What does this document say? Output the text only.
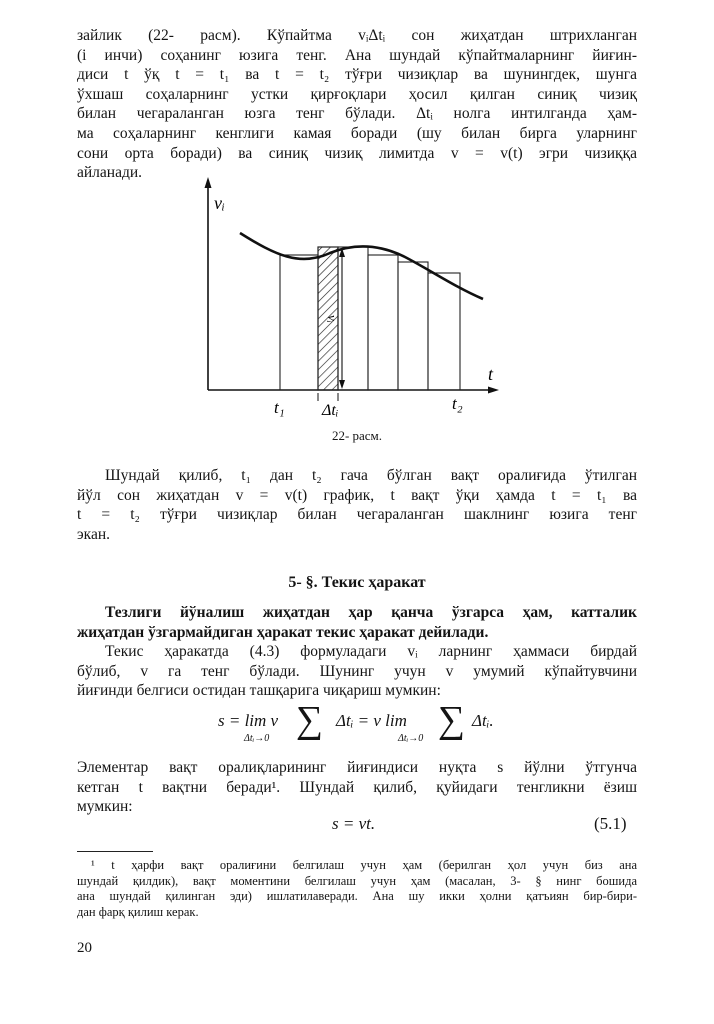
зайлик (22- расм). Кўпайтма vᵢΔtᵢ сон жиҳатдан штрихланган
(i инчи) соҳанинг юзига тенг. Ана шундай кўпайтмаларнинг йиғин-
диси t ўқ t = t₁ ва t = t₂ тўғри чизиқлар ва шунингдек, шунга
ўхшаш соҳаларнинг устки қирғоқлари ҳосил қилган синиқ чизиқ
билан чегараланган юзга тенг бўлади. Δtᵢ нолга интилганда ҳам-
ма соҳаларнинг кенглиги камая боради (шу билан бирга уларнинг
сони орта боради) ва синиқ чизиқ лимитда v = v(t) эгри чизиққа
айланади.
vᵢ
vᵢ
t
t₁	t₂
Δtᵢ
22- расм.
Шундай қилиб, t₁ дан t₂ гача бўлган вақт оралиғида ўтилган
йўл сон жиҳатдан v = v(t) график, t вақт ўқи ҳамда t = t₁ ва
t = t₂ тўғри чизиқлар билан чегараланган шаклнинг юзига тенг
экан.
5- §. Текис ҳаракат
Тезлиги йўналиш жиҳатдан ҳар қанча ўзгарса ҳам, катталик
жиҳатдан ўзгармайдиган ҳаракат текис ҳаракат дейилади.
Текис ҳаракатда (4.3) формуладаги vᵢ ларнинг ҳаммаси бирдай
бўлиб, v га тенг бўлади. Шунинг учун v умумий кўпайтувчини
йиғинди белгиси остидан ташқарига чиқариш мумкин:
s = lim v
Δtᵢ→0 ∑ Δtᵢ = v lim
Δtᵢ→0 ∑ Δtᵢ.
Элементар вақт оралиқларининг йиғиндиси нуқта s йўлни ўтгунча
кетган t вақтни беради¹. Шундай қилиб, қуйидаги тенгликни ёзиш
мумкин:
s = vt.	(5.1)
¹ t ҳарфи вақт оралиғини белгилаш учун ҳам (берилган ҳол учун биз ана
шундай қилдик), вақт моментини белгилаш учун ҳам (масалан, 3- § нинг бошида
ана шундай қилинган эди) ишлатилаверади. Ана шу икки ҳолни қатъиян бир-бири-
дан фарқ қилиш керак.
20
